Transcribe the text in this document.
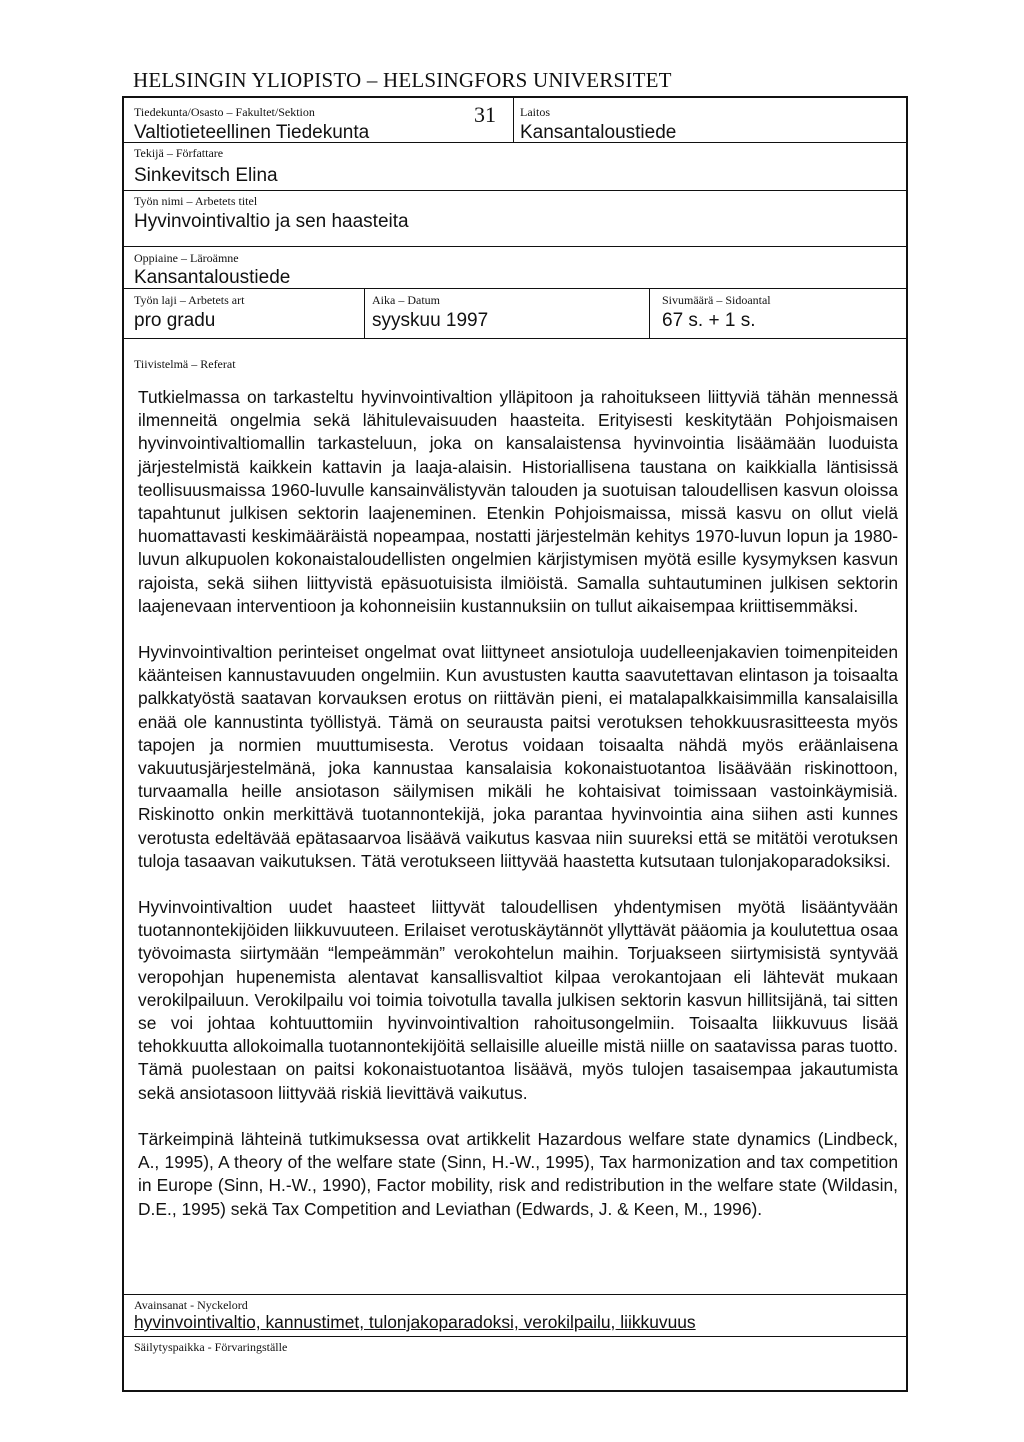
HELSINGIN YLIOPISTO – HELSINGFORS UNIVERSITET
Tiedekunta/Osasto – Fakultet/Sektion
Valtiotieteellinen Tiedekunta
31 Laitos
Kansantaloustiede
Tekijä – Författare
Sinkevitsch Elina
Työn nimi – Arbetets titel
Hyvinvointivaltio ja sen haasteita
Oppiaine – Läroämne
Kansantaloustiede
Työn laji – Arbetets art
pro gradu
Aika – Datum
syyskuu 1997
Sivumäärä – Sidoantal
67 s. + 1 s.
Tiivistelmä – Referat

Tutkielmassa on tarkasteltu hyvinvointivaltion ylläpitoon ja rahoitukseen liittyviä tähän mennessä ilmenneitä ongelmia sekä lähitulevaisuuden haasteita. Erityisesti keskitytään Pohjoismaisen hyvinvointivaltiomallin tarkasteluun, joka on kansalaistensa hyvinvointia lisäämään luoduista järjestelmistä kaikkein kattavin ja laaja-alaisin. Historiallisena taustana on kaikkialla läntisissä teollisuusmaissa 1960-luvulle kansainvälistyvän talouden ja suotuisan taloudellisen kasvun oloissa tapahtunut julkisen sektorin laajeneminen. Etenkin Pohjoismaissa, missä kasvu on ollut vielä huomattavasti keskimääräistä nopeampaa, nostatti järjestelmän kehitys 1970-luvun lopun ja 1980-luvun alkupuolen kokonaistaloudellisten ongelmien kärjistymisen myötä esille kysymyksen kasvun rajoista, sekä siihen liittyvistä epäsuotuisista ilmiöistä. Samalla suhtautuminen julkisen sektorin laajenevaan interventioon ja kohonneisiin kustannuksiin on tullut aikaisempaa kriittisemmäksi.

Hyvinvointivaltion perinteiset ongelmat ovat liittyneet ansiotuloja uudelleenjakavien toimenpiteiden käänteisen kannustavuuden ongelmiin. Kun avustusten kautta saavutettavan elintason ja toisaalta palkkatyöstä saatavan korvauksen erotus on riittävän pieni, ei matalapalkkaisimmilla kansalaisilla enää ole kannustinta työllistyä. Tämä on seurausta paitsi verotuksen tehokkuusrasitteesta myös tapojen ja normien muuttumisesta. Verotus voidaan toisaalta nähdä myös eräänlaisena vakuutusjärjestelmänä, joka kannustaa kansalaisia kokonaistuotantoa lisäävään riskinottoon, turvaamalla heille ansiotason säilymisen mikäli he kohtaisivat toimissaan vastoinkäymisiä. Riskinotto onkin merkittävä tuotannontekijä, joka parantaa hyvinvointia aina siihen asti kunnes verotusta edeltävää epätasaarvoa lisäävä vaikutus kasvaa niin suureksi että se mitätöi verotuksen tuloja tasaavan vaikutuksen. Tätä verotukseen liittyvää haastetta kutsutaan tulonjakoparadoksiksi.

Hyvinvointivaltion uudet haasteet liittyvät taloudellisen yhdentymisen myötä lisääntyvään tuotannontekijöiden liikkuvuuteen. Erilaiset verotuskäytännöt yllyttävät pääomia ja koulutettua osaa työvoimasta siirtymään “lempeämmän” verokohtelun maihin. Torjuakseen siirtymisistä syntyvää veropohjan hupenemista alentavat kansallisvaltiot kilpaa verokantojaan eli lähtevät mukaan verokilpailuun. Verokilpailu voi toimia toivotulla tavalla julkisen sektorin kasvun hillitsijänä, tai sitten se voi johtaa kohtuuttomiin hyvinvointivaltion rahoitusongelmiin. Toisaalta liikkuvuus lisää tehokkuutta allokoimalla tuotannontekijöitä sellaisille alueille mistä niille on saatavissa paras tuotto. Tämä puolestaan on paitsi kokonaistuotantoa lisäävä, myös tulojen tasaisempaa jakautumista sekä ansiotasoon liittyvää riskiä lievittävä vaikutus.

Tärkeimpinä lähteinä tutkimuksessa ovat artikkelit Hazardous welfare state dynamics (Lindbeck, A., 1995), A theory of the welfare state (Sinn, H.-W., 1995), Tax harmonization and tax competition in Europe (Sinn, H.-W., 1990), Factor mobility, risk and redistribution in the welfare state (Wildasin, D.E., 1995) sekä Tax Competition and Leviathan (Edwards, J. & Keen, M., 1996).

Avainsanat - Nyckelord
hyvinvointivaltio, kannustimet, tulonjakoparadoksi, verokilpailu, liikkuvuus
Säilytyspaikka - Förvaringställe
